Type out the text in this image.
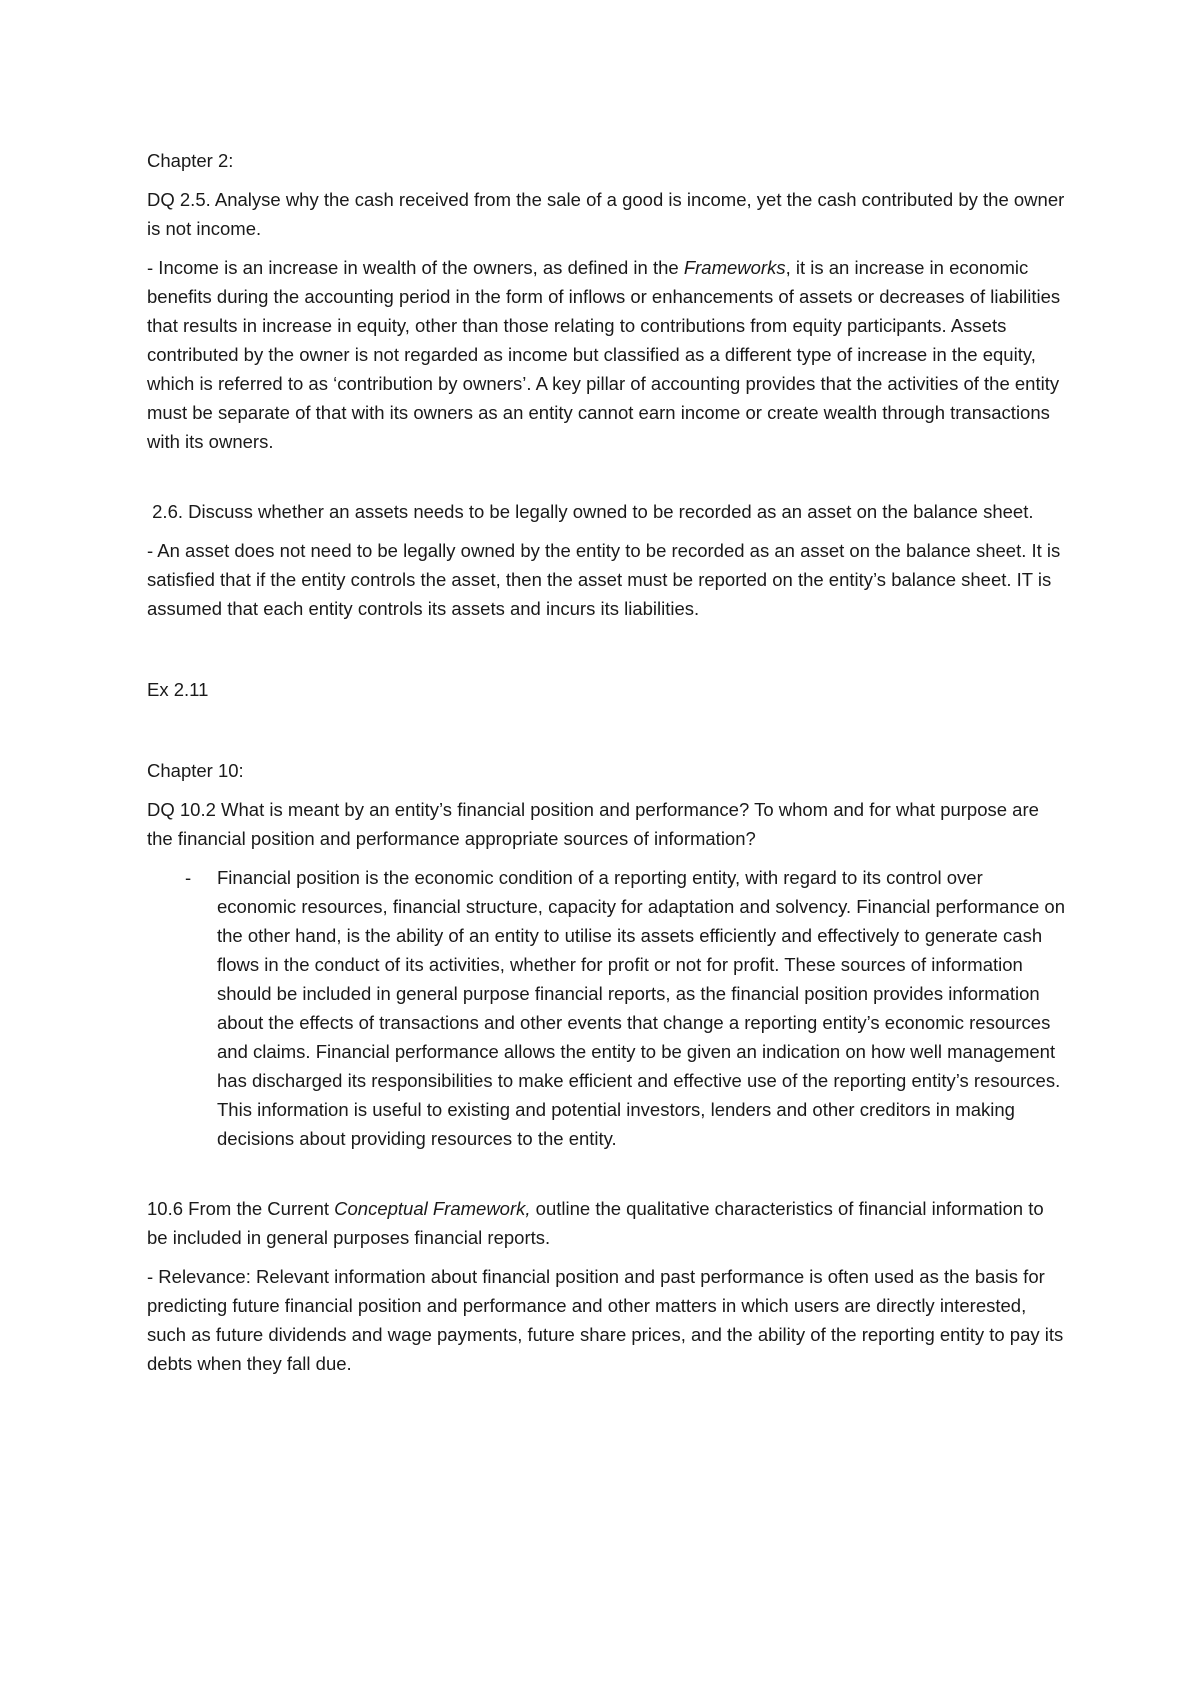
Chapter 2:

DQ 2.5. Analyse why the cash received from the sale of a good is income, yet the cash contributed by the owner is not income.

- Income is an increase in wealth of the owners, as defined in the Frameworks, it is an increase in economic benefits during the accounting period in the form of inflows or enhancements of assets or decreases of liabilities that results in increase in equity, other than those relating to contributions from equity participants. Assets contributed by the owner is not regarded as income but classified as a different type of increase in the equity, which is referred to as ‘contribution by owners’. A key pillar of accounting provides that the activities of the entity must be separate of that with its owners as an entity cannot earn income or create wealth through transactions with its owners.

2.6. Discuss whether an assets needs to be legally owned to be recorded as an asset on the balance sheet.

- An asset does not need to be legally owned by the entity to be recorded as an asset on the balance sheet. It is satisfied that if the entity controls the asset, then the asset must be reported on the entity’s balance sheet. IT is assumed that each entity controls its assets and incurs its liabilities.

Ex 2.11

Chapter 10:

DQ 10.2 What is meant by an entity’s financial position and performance? To whom and for what purpose are the financial position and performance appropriate sources of information?

-	Financial position is the economic condition of a reporting entity, with regard to its control over economic resources, financial structure, capacity for adaptation and solvency. Financial performance on the other hand, is the ability of an entity to utilise its assets efficiently and effectively to generate cash flows in the conduct of its activities, whether for profit or not for profit. These sources of information should be included in general purpose financial reports, as the financial position provides information about the effects of transactions and other events that change a reporting entity’s economic resources and claims. Financial performance allows the entity to be given an indication on how well management has discharged its responsibilities to make efficient and effective use of the reporting entity’s resources. This information is useful to existing and potential investors, lenders and other creditors in making decisions about providing resources to the entity.

10.6 From the Current Conceptual Framework, outline the qualitative characteristics of financial information to be included in general purposes financial reports.

- Relevance: Relevant information about financial position and past performance is often used as the basis for predicting future financial position and performance and other matters in which users are directly interested, such as future dividends and wage payments, future share prices, and the ability of the reporting entity to pay its debts when they fall due.
